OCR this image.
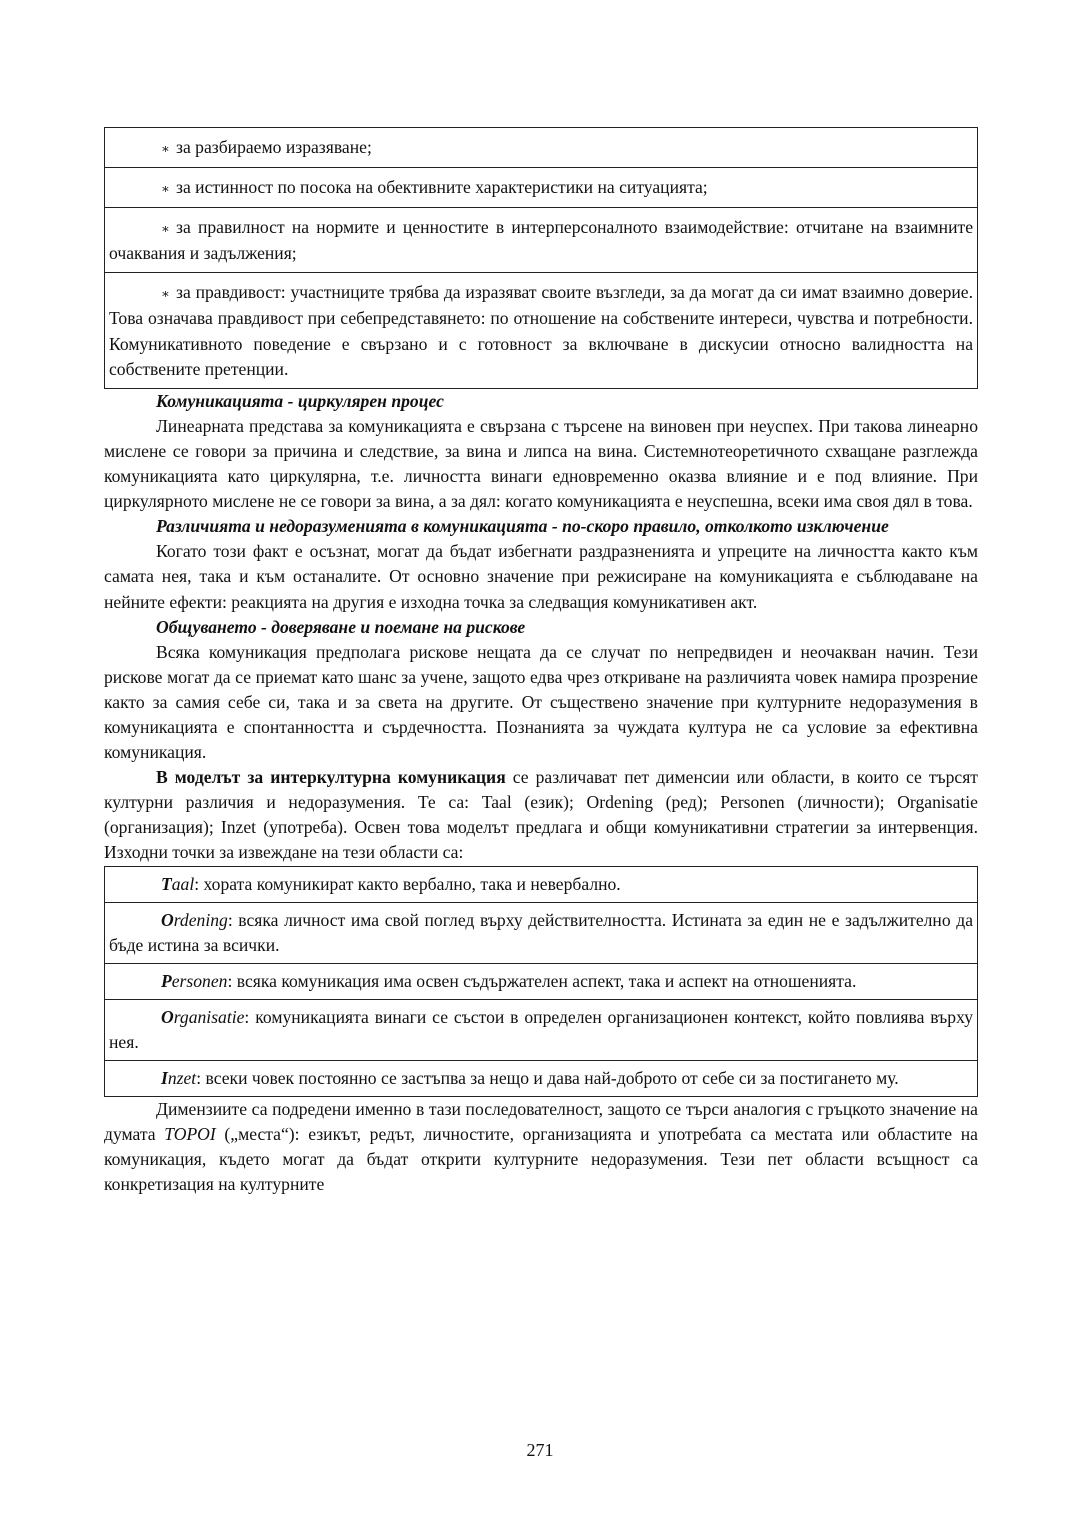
∗ за разбираемо изразяване;
∗ за истинност по посока на обективните характеристики на ситуацията;
∗ за правилност на нормите и ценностите в интерперсоналното взаимодействие: отчитане на взаимните очаквания и задължения;
∗ за правдивост: участниците трябва да изразяват своите възгледи, за да могат да си имат взаимно доверие. Това означава правдивост при себепредставянето: по отношение на собствените интереси, чувства и потребности. Комуникативното поведение е свързано и с готовност за включване в дискусии относно валидността на собствените претенции.

Комуникацията - циркулярен процес

Линеарната представа за комуникацията е свързана с търсене на виновен при неуспех. При такова линеарно мислене се говори за причина и следствие, за вина и липса на вина. Системнотеоретичното схващане разглежда комуникацията като циркулярна, т.е. личността винаги едновременно оказва влияние и е под влияние. При циркулярното мислене не се говори за вина, а за дял: когато комуникацията е неуспешна, всеки има своя дял в това.

Различията и недоразуменията в комуникацията - по-скоро правило, отколкото изключение

Когато този факт е осъзнат, могат да бъдат избегнати раздразненията и упреците на личността както към самата нея, така и към останалите. От основно значение при режисиране на комуникацията е съблюдаване на нейните ефекти: реакцията на другия е изходна точка за следващия комуникативен акт.

Общуването - доверяване и поемане на рискове

Всяка комуникация предполага рискове нещата да се случат по непредвиден и неочакван начин. Тези рискове могат да се приемат като шанс за учене, защото едва чрез откриване на различията човек намира прозрение както за самия себе си, така и за света на другите. От съществено значение при културните недоразумения в комуникацията е спонтанността и сърдечността. Познанията за чуждата култура не са условие за ефективна комуникация.

В моделът за интеркултурна комуникация се различават пет дименсии или области, в които се търсят културни различия и недоразумения. Те са: Taal (език); Ordening (ред); Personen (личности); Organisatie (организация); Inzet (употреба). Освен това моделът предлага и общи комуникативни стратегии за интервенция. Изходни точки за извеждане на тези области са:

Taal: хората комуникират както вербално, така и невербално.
Ordening: всяка личност има свой поглед върху действителността. Истината за един не е задължително да бъде истина за всички.
Personen: всяка комуникация има освен съдържателен аспект, така и аспект на отношенията.
Organisatie: комуникацията винаги се състои в определен организационен контекст, който повлиява върху нея.
Inzet: всеки човек постоянно се застъпва за нещо и дава най-доброто от себе си за постигането му.

Димензиите са подредени именно в тази последователност, защото се търси аналогия с гръцкото значение на думата TOPOI („места“): езикът, редът, личностите, организацията и употребата са местата или областите на комуникация, където могат да бъдат открити културните недоразумения. Тези пет области всъщност са конкретизация на културните

271
